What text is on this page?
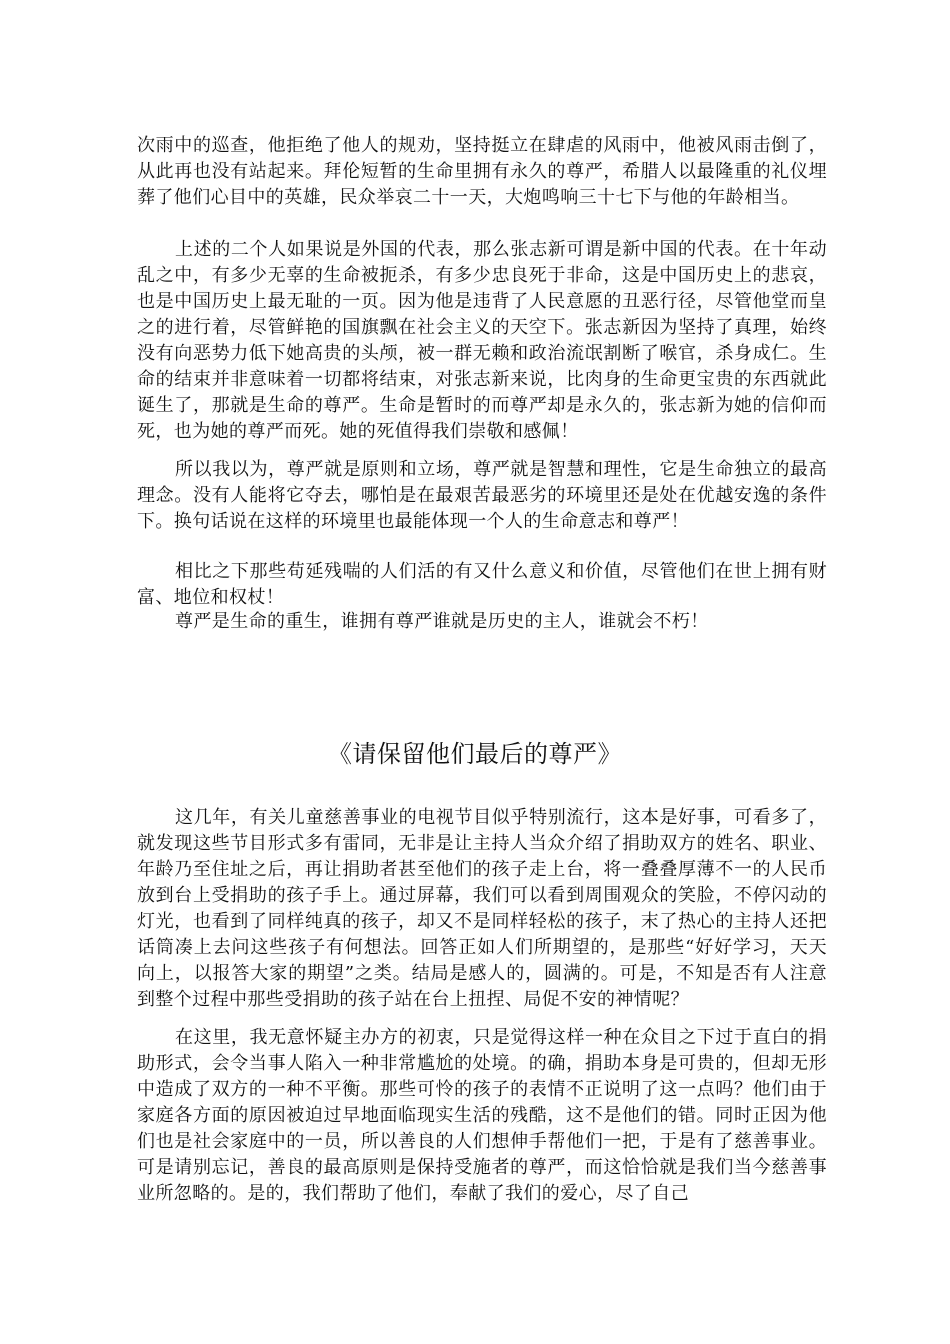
次雨中的巡查，他拒绝了他人的规劝，坚持挺立在肆虐的风雨中，他被风雨击倒了，从此再也没有站起来。拜伦短暂的生命里拥有永久的尊严，希腊人以最隆重的礼仪埋葬了他们心目中的英雄，民众举哀二十一天，大炮鸣响三十七下与他的年龄相当。

上述的二个人如果说是外国的代表，那么张志新可谓是新中国的代表。在十年动乱之中，有多少无辜的生命被扼杀，有多少忠良死于非命，这是中国历史上的悲哀，也是中国历史上最无耻的一页。因为他是违背了人民意愿的丑恶行径，尽管他堂而皇之的进行着，尽管鲜艳的国旗飘在社会主义的天空下。张志新因为坚持了真理，始终没有向恶势力低下她高贵的头颅，被一群无赖和政治流氓割断了喉官，杀身成仁。生命的结束并非意味着一切都将结束，对张志新来说，比肉身的生命更宝贵的东西就此诞生了，那就是生命的尊严。生命是暂时的而尊严却是永久的，张志新为她的信仰而死，也为她的尊严而死。她的死值得我们崇敬和感佩！

所以我以为，尊严就是原则和立场，尊严就是智慧和理性，它是生命独立的最高理念。没有人能将它夺去，哪怕是在最艰苦最恶劣的环境里还是处在优越安逸的条件下。换句话说在这样的环境里也最能体现一个人的生命意志和尊严！

相比之下那些苟延残喘的人们活的有又什么意义和价值，尽管他们在世上拥有财富、地位和权杖！

尊严是生命的重生，谁拥有尊严谁就是历史的主人，谁就会不朽！

《请保留他们最后的尊严》

这几年，有关儿童慈善事业的电视节目似乎特别流行，这本是好事，可看多了，就发现这些节目形式多有雷同，无非是让主持人当众介绍了捐助双方的姓名、职业、年龄乃至住址之后，再让捐助者甚至他们的孩子走上台，将一叠叠厚薄不一的人民币放到台上受捐助的孩子手上。通过屏幕，我们可以看到周围观众的笑脸，不停闪动的灯光，也看到了同样纯真的孩子，却又不是同样轻松的孩子，末了热心的主持人还把话筒凑上去问这些孩子有何想法。回答正如人们所期望的，是那些“好好学习，天天向上，以报答大家的期望”之类。结局是感人的，圆满的。可是，不知是否有人注意到整个过程中那些受捐助的孩子站在台上扭捏、局促不安的神情呢？

在这里，我无意怀疑主办方的初衷，只是觉得这样一种在众目之下过于直白的捐助形式，会令当事人陷入一种非常尴尬的处境。的确，捐助本身是可贵的，但却无形中造成了双方的一种不平衡。那些可怜的孩子的表情不正说明了这一点吗？他们由于家庭各方面的原因被迫过早地面临现实生活的残酷，这不是他们的错。同时正因为他们也是社会家庭中的一员，所以善良的人们想伸手帮他们一把，于是有了慈善事业。可是请别忘记，善良的最高原则是保持受施者的尊严，而这恰恰就是我们当今慈善事业所忽略的。是的，我们帮助了他们，奉献了我们的爱心，尽了自己
